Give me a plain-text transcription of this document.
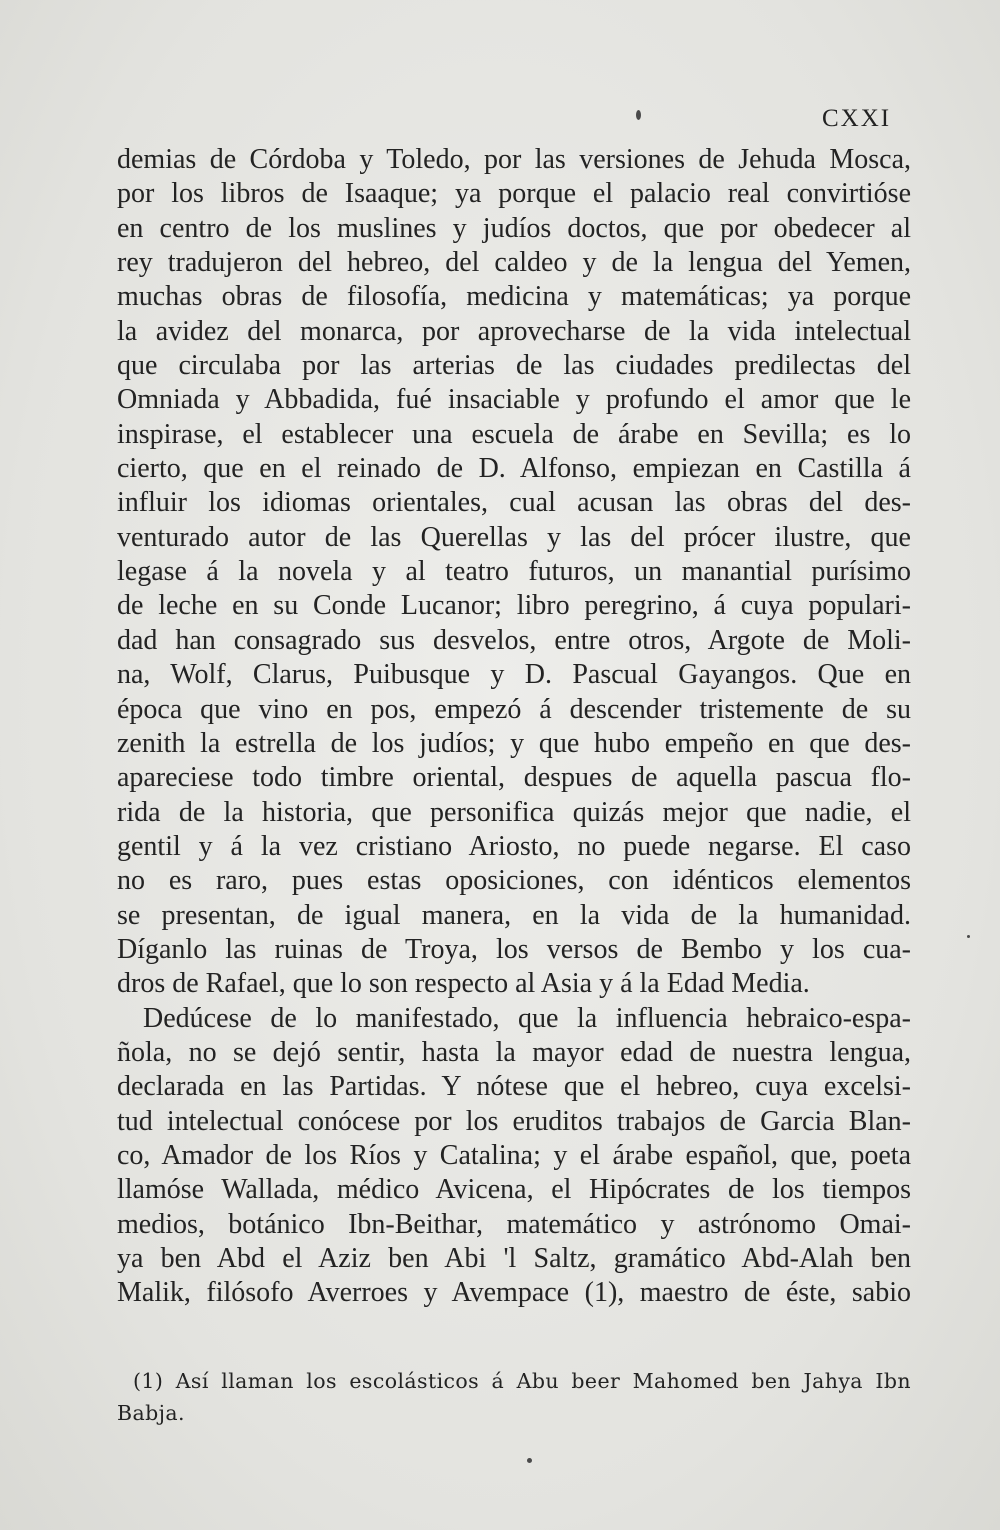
CXXI
demias de Córdoba y Toledo, por las versiones de Jehuda Mosca,
por los libros de Isaaque; ya porque el palacio real convirtióse
en centro de los muslines y judíos doctos, que por obedecer al
rey tradujeron del hebreo, del caldeo y de la lengua del Yemen,
muchas obras de filosofía, medicina y matemáticas; ya porque
la avidez del monarca, por aprovecharse de la vida intelectual
que circulaba por las arterias de las ciudades predilectas del
Omniada y Abbadida, fué insaciable y profundo el amor que le
inspirase, el establecer una escuela de árabe en Sevilla; es lo
cierto, que en el reinado de D. Alfonso, empiezan en Castilla á
influir los idiomas orientales, cual acusan las obras del des-
venturado autor de las Querellas y las del prócer ilustre, que
legase á la novela y al teatro futuros, un manantial purísimo
de leche en su Conde Lucanor; libro peregrino, á cuya populari-
dad han consagrado sus desvelos, entre otros, Argote de Moli-
na, Wolf, Clarus, Puibusque y D. Pascual Gayangos. Que en
época que vino en pos, empezó á descender tristemente de su
zenith la estrella de los judíos; y que hubo empeño en que des-
apareciese todo timbre oriental, despues de aquella pascua flo-
rida de la historia, que personifica quizás mejor que nadie, el
gentil y á la vez cristiano Ariosto, no puede negarse. El caso
no es raro, pues estas oposiciones, con idénticos elementos
se presentan, de igual manera, en la vida de la humanidad.
Díganlo las ruinas de Troya, los versos de Bembo y los cua-
dros de Rafael, que lo son respecto al Asia y á la Edad Media.
Dedúcese de lo manifestado, que la influencia hebraico-espa-
ñola, no se dejó sentir, hasta la mayor edad de nuestra lengua,
declarada en las Partidas. Y nótese que el hebreo, cuya excelsi-
tud intelectual conócese por los eruditos trabajos de Garcia Blan-
co, Amador de los Ríos y Catalina; y el árabe español, que, poeta
llamóse Wallada, médico Avicena, el Hipócrates de los tiempos
medios, botánico Ibn-Beithar, matemático y astrónomo Omai-
ya ben Abd el Aziz ben Abi 'l Saltz, gramático Abd-Alah ben
Malik, filósofo Averroes y Avempace (1), maestro de éste, sabio
(1) Así llaman los escolásticos á Abu beer Mahomed ben Jahya Ibn
Babja.
